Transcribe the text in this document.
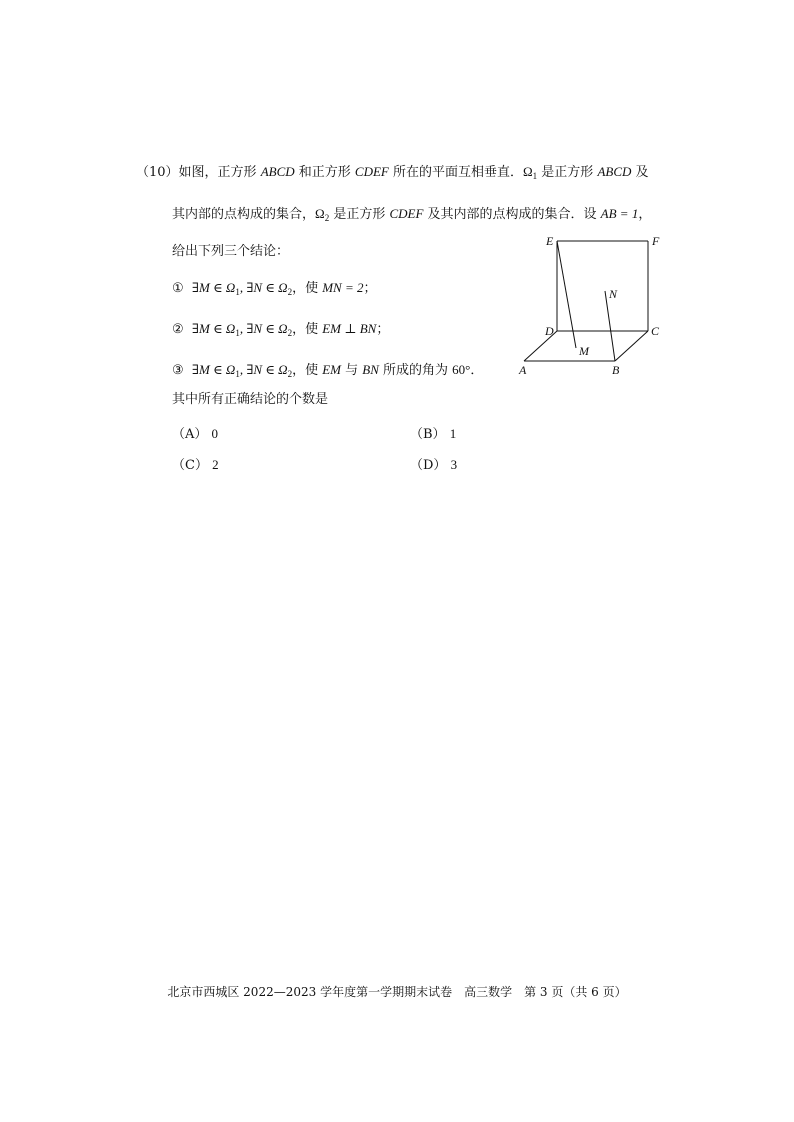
（10）如图，正方形 ABCD 和正方形 CDEF 所在的平面互相垂直．$\Omega_1$ 是正方形 ABCD 及
其内部的点构成的集合，$\Omega_2$ 是正方形 CDEF 及其内部的点构成的集合．设 AB = 1，
给出下列三个结论：
① ∃M ∈ $\Omega_1$, ∃N ∈ $\Omega_2$，使 MN = 2；
② ∃M ∈ $\Omega_1$, ∃N ∈ $\Omega_2$，使 EM ⊥ BN；
③ ∃M ∈ $\Omega_1$, ∃N ∈ $\Omega_2$，使 EM 与 BN 所成的角为 60°．
其中所有正确结论的个数是
（A） 0	（B） 1
（C） 2	（D） 3
E	F
N
D	C
M
A	B
北京市西城区 2022—2023 学年度第一学期期末试卷 高三数学 第 3 页（共 6 页）
